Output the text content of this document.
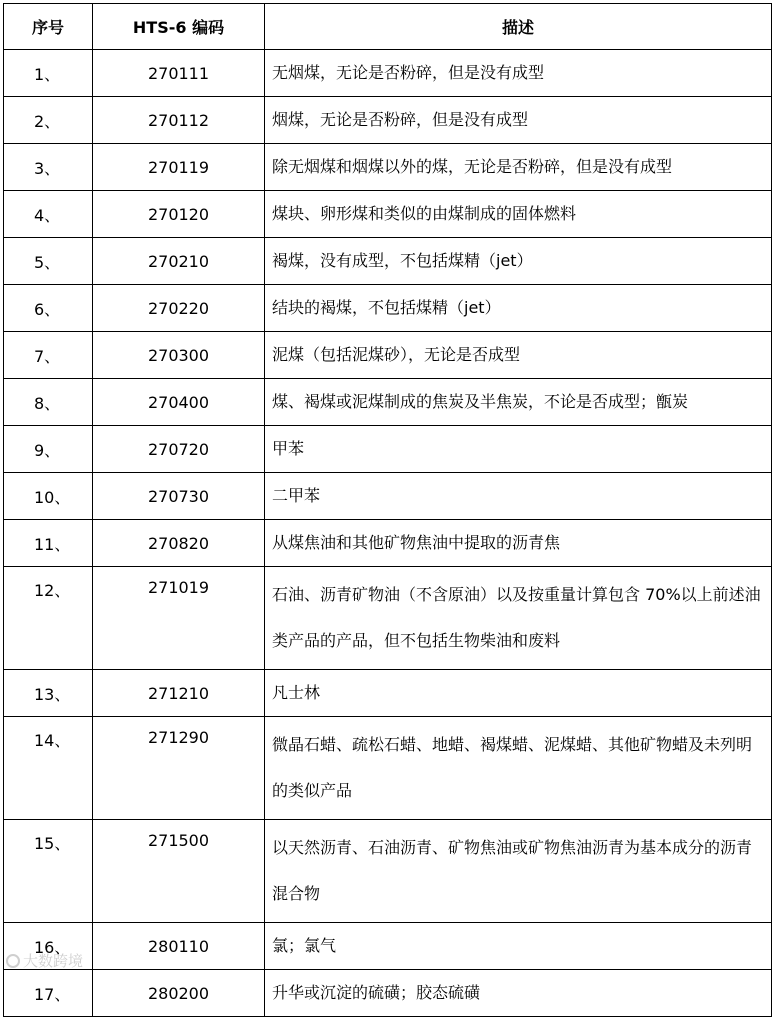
序号	HTS-6 编码	描述
1、	270111	无烟煤，无论是否粉碎，但是没有成型
2、	270112	烟煤，无论是否粉碎，但是没有成型
3、	270119	除无烟煤和烟煤以外的煤，无论是否粉碎，但是没有成型
4、	270120	煤块、卵形煤和类似的由煤制成的固体燃料
5、	270210	褐煤，没有成型，不包括煤精（jet）
6、	270220	结块的褐煤，不包括煤精（jet）
7、	270300	泥煤（包括泥煤砂），无论是否成型
8、	270400	煤、褐煤或泥煤制成的焦炭及半焦炭，不论是否成型；甑炭
9、	270720	甲苯
10、	270730	二甲苯
11、	270820	从煤焦油和其他矿物焦油中提取的沥青焦
12、	271019	石油、沥青矿物油（不含原油）以及按重量计算包含 70%以上前述油类产品的产品，但不包括生物柴油和废料
13、	271210	凡士林
14、	271290	微晶石蜡、疏松石蜡、地蜡、褐煤蜡、泥煤蜡、其他矿物蜡及未列明的类似产品
15、	271500	以天然沥青、石油沥青、矿物焦油或矿物焦油沥青为基本成分的沥青混合物
16、	280110	氯；氯气
17、	280200	升华或沉淀的硫磺；胶态硫磺
大数跨境
